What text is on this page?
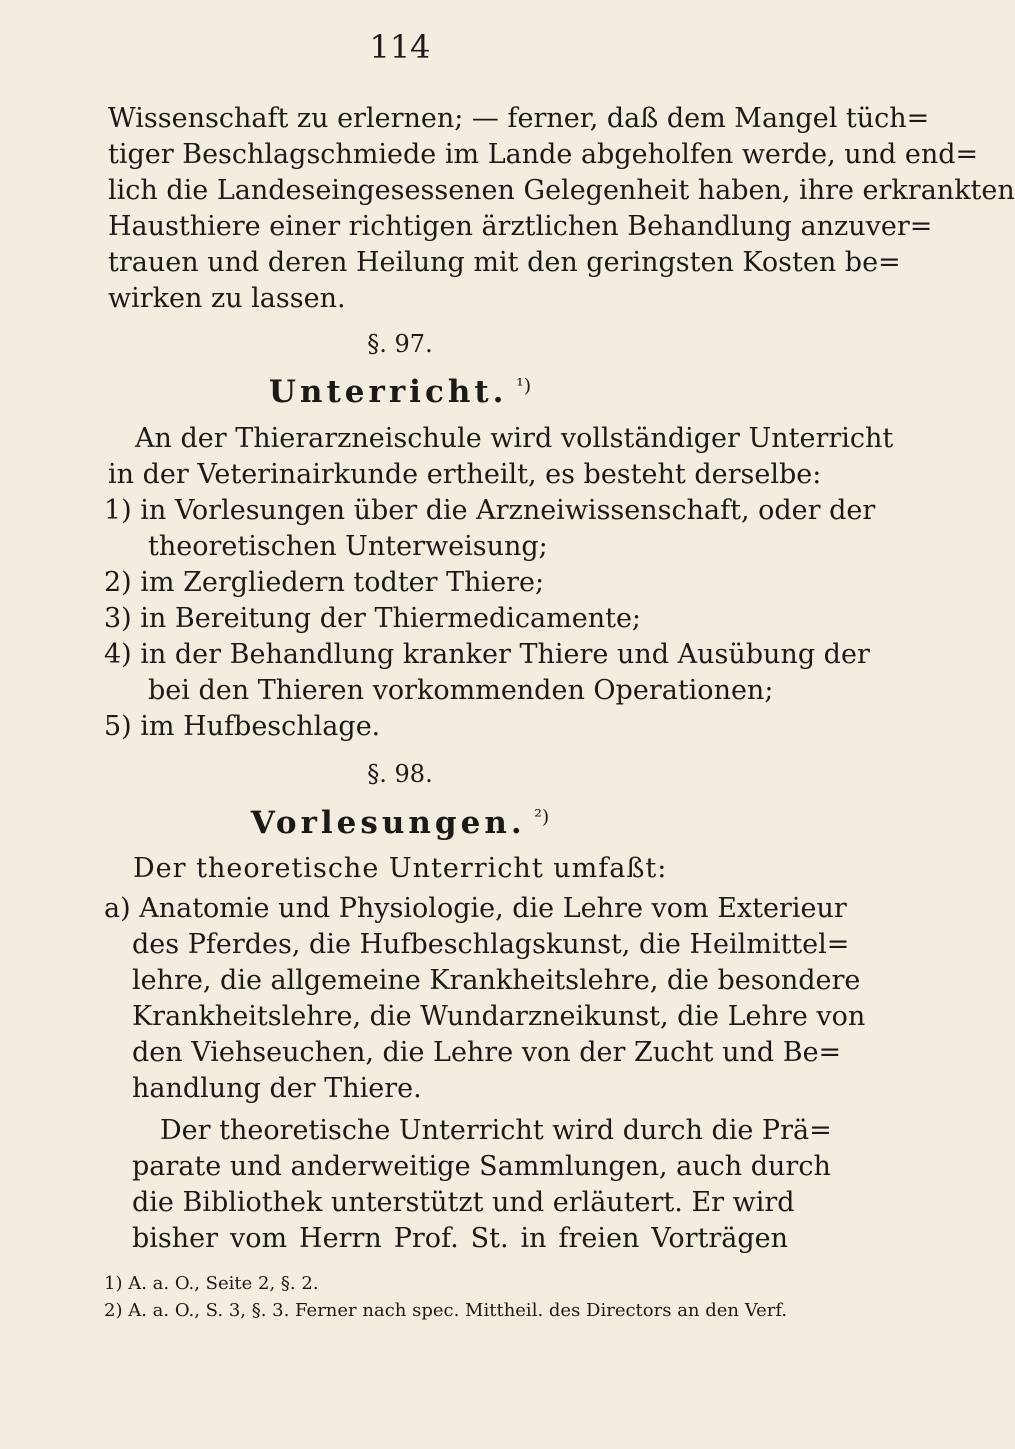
114
Wissenschaft zu erlernen; — ferner, daß dem Mangel tüch=
tiger Beschlagschmiede im Lande abgeholfen werde, und end=
lich die Landeseingesessenen Gelegenheit haben, ihre erkrankten
Hausthiere einer richtigen ärztlichen Behandlung anzuver=
trauen und deren Heilung mit den geringsten Kosten be=
wirken zu lassen.
§. 97.
Unterricht. $^{^1)}$
An der Thierarzneischule wird vollständiger Unterricht
in der Veterinairkunde ertheilt, es besteht derselbe:
1) in Vorlesungen über die Arzneiwissenschaft, oder der
theoretischen Unterweisung;
2) im Zergliedern todter Thiere;
3) in Bereitung der Thiermedicamente;
4) in der Behandlung kranker Thiere und Ausübung der
bei den Thieren vorkommenden Operationen;
5) im Hufbeschlage.
§. 98.
Vorlesungen. $^{^2)}$
Der theoretische Unterricht umfaßt:
a) Anatomie und Physiologie, die Lehre vom Exterieur
des Pferdes, die Hufbeschlagskunst, die Heilmittel=
lehre, die allgemeine Krankheitslehre, die besondere
Krankheitslehre, die Wundarzneikunst, die Lehre von
den Viehseuchen, die Lehre von der Zucht und Be=
handlung der Thiere.
Der theoretische Unterricht wird durch die Prä=
parate und anderweitige Sammlungen, auch durch
die Bibliothek unterstützt und erläutert. Er wird
bisher vom Herrn Prof. St. in freien Vorträgen
1) A. a. O., Seite 2, §. 2.
2) A. a. O., S. 3, §. 3. Ferner nach spec. Mittheil. des Directors an den Verf.
